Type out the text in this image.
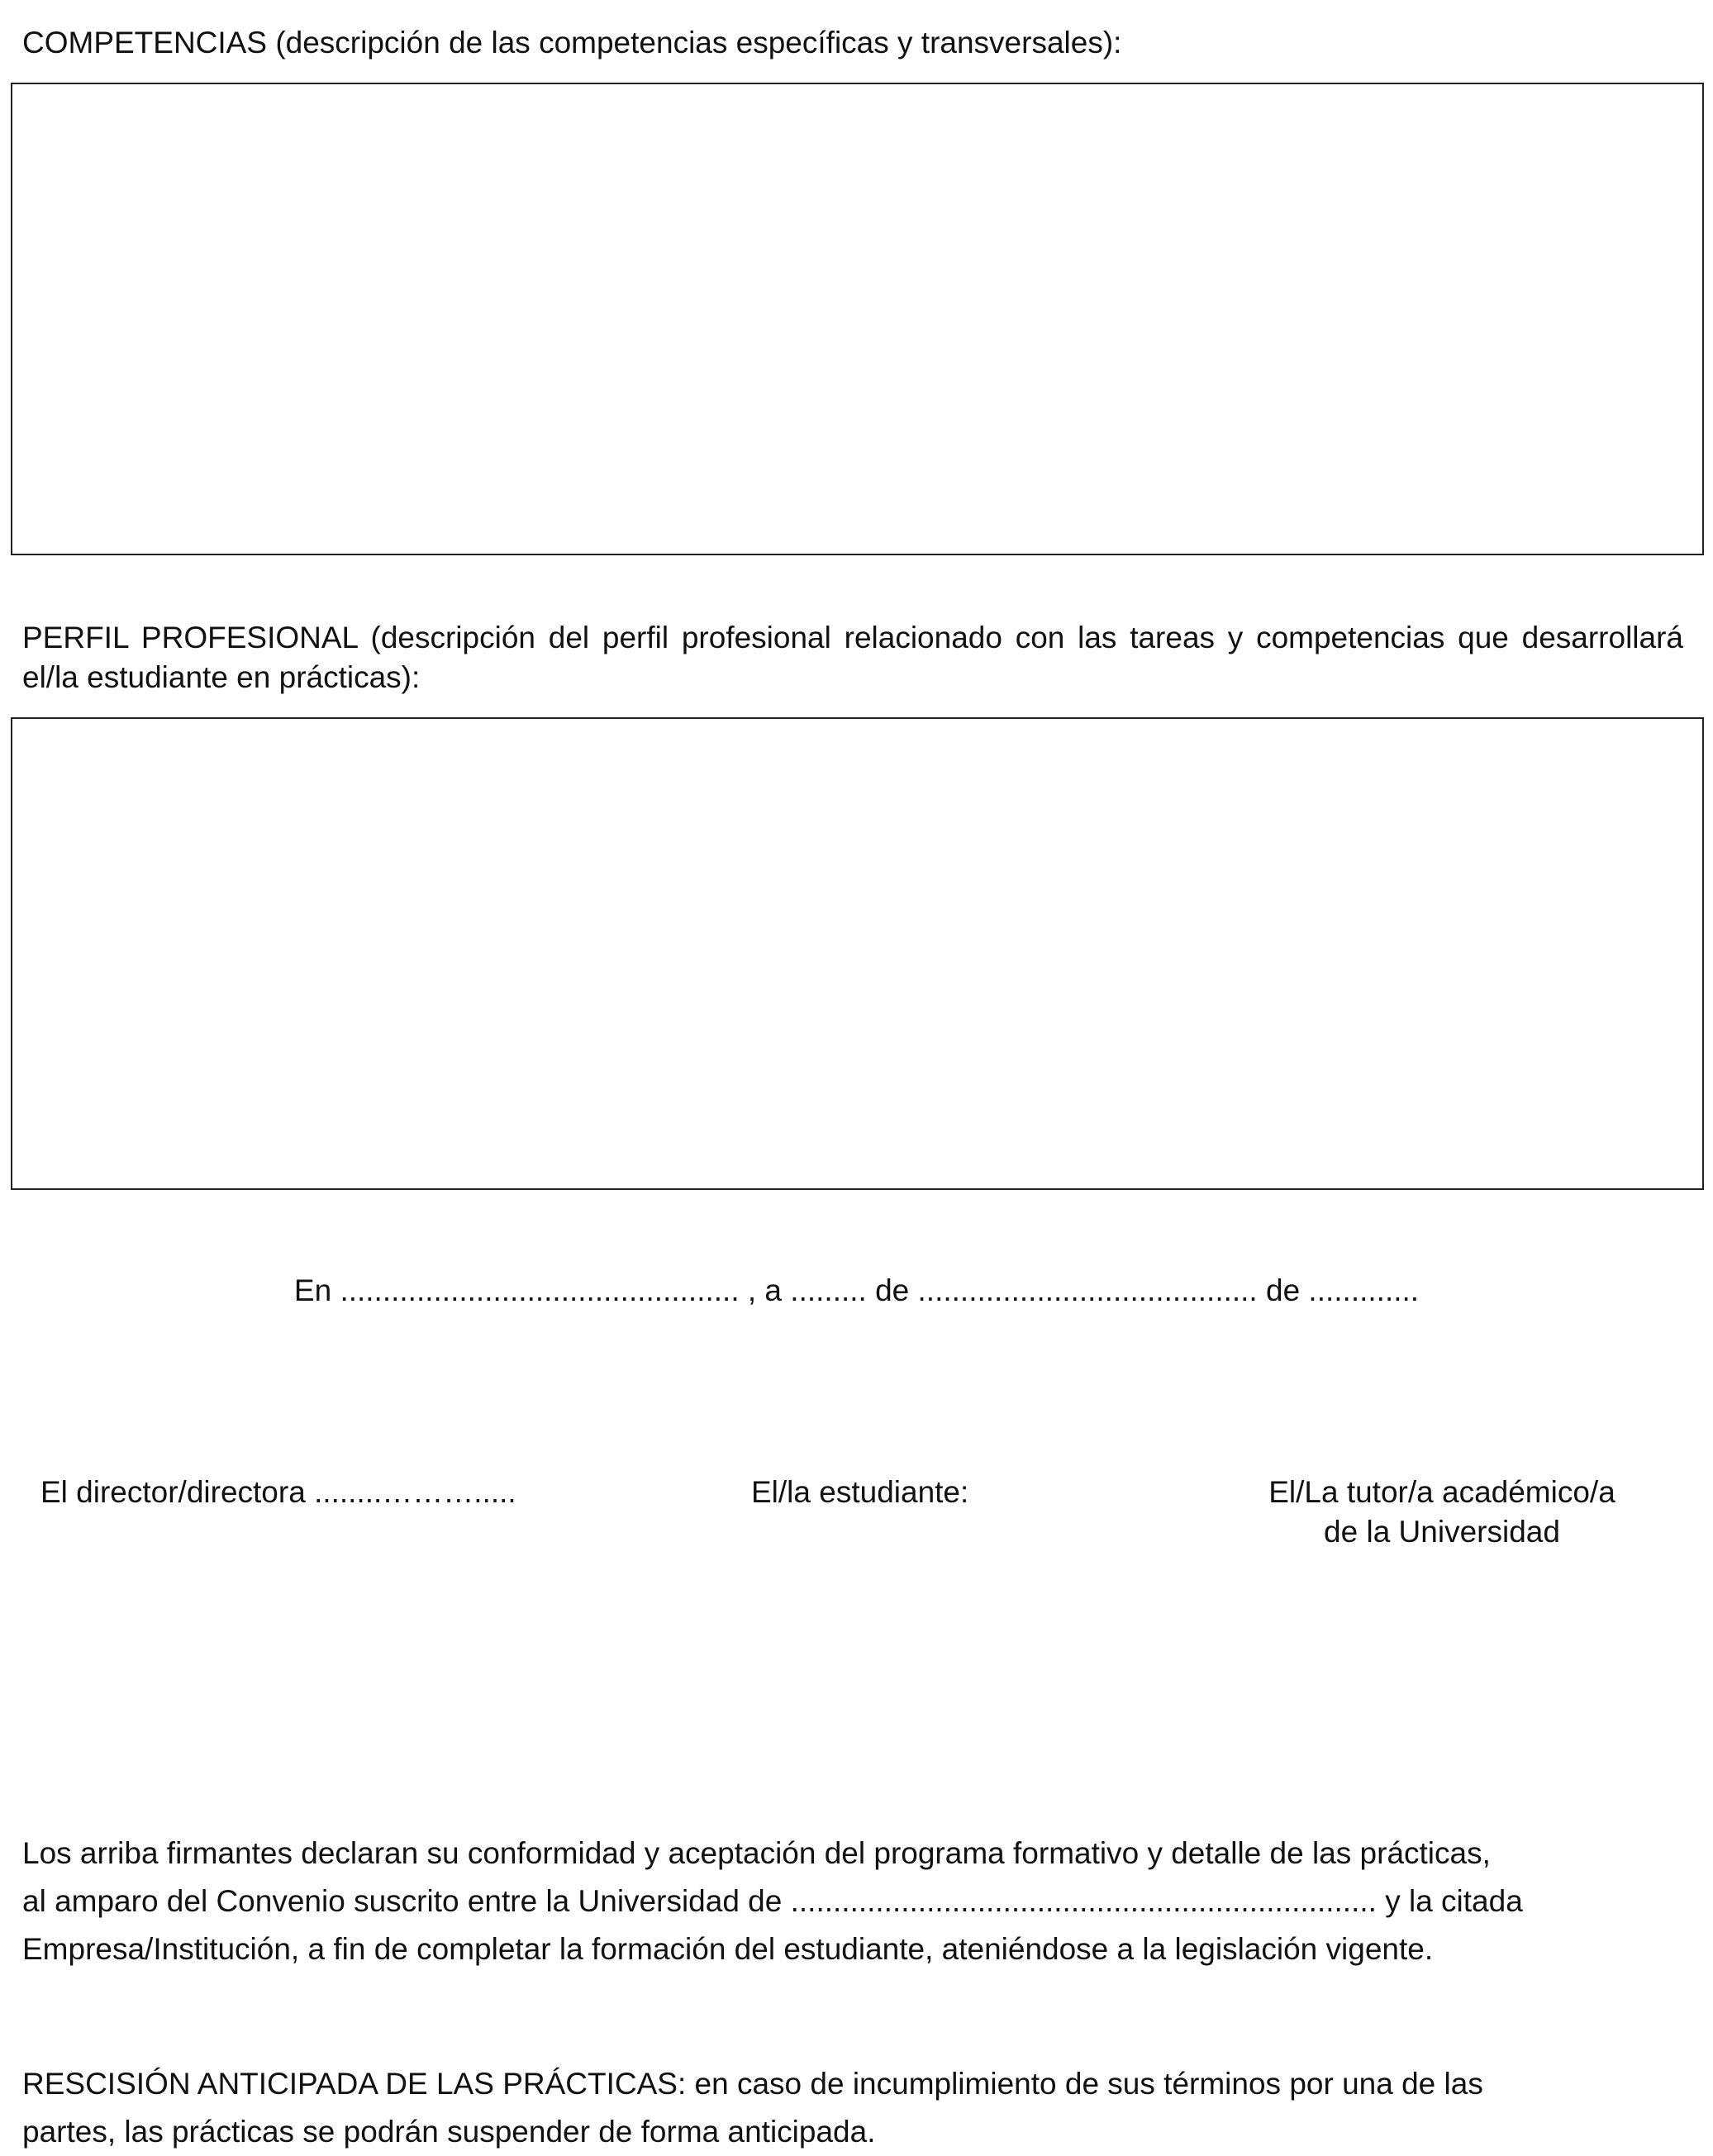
COMPETENCIAS (descripción de las competencias específicas y transversales):

PERFIL PROFESIONAL (descripción del perfil profesional relacionado con las tareas y competencias que desarrollará el/la estudiante en prácticas):

En ............................................... , a ......... de ........................................ de .............
El director/directora ........……….....	El/la estudiante:	El/La tutor/a académico/a
de la Universidad
Los arriba firmantes declaran su conformidad y aceptación del programa formativo y detalle de las prácticas,
al amparo del Convenio suscrito entre la Universidad de ..................................................................... y la citada
Empresa/Institución, a fin de completar la formación del estudiante, ateniéndose a la legislación vigente.
RESCISIÓN ANTICIPADA DE LAS PRÁCTICAS: en caso de incumplimiento de sus términos por una de las
partes, las prácticas se podrán suspender de forma anticipada.
